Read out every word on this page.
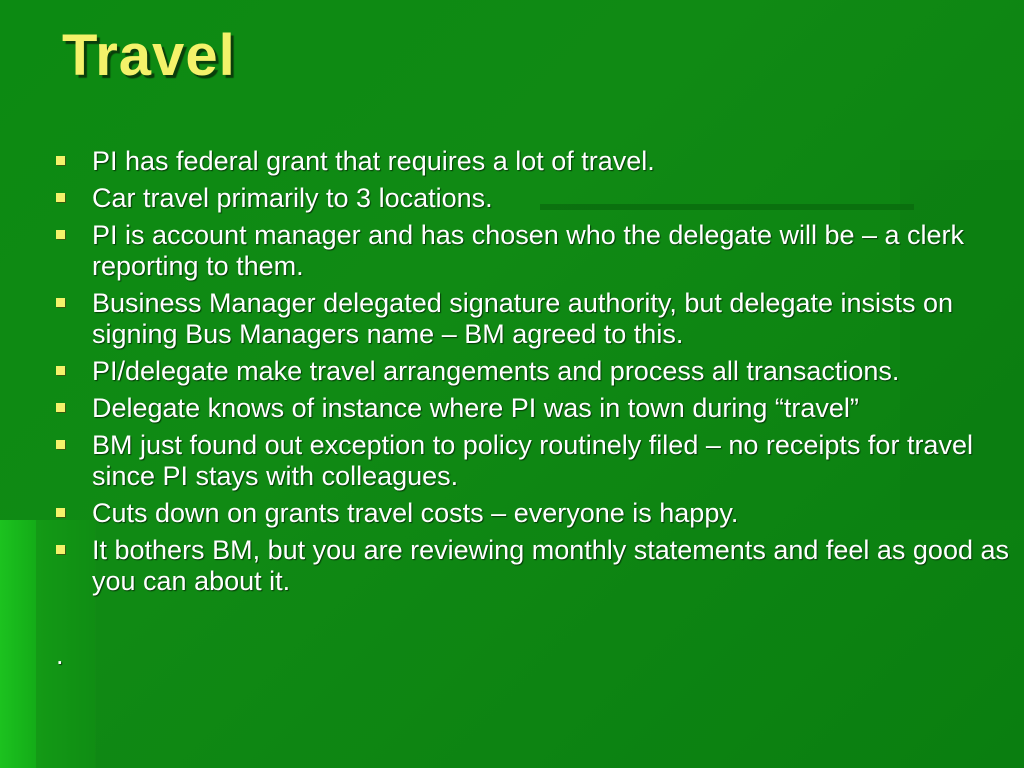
Travel
PI has federal grant that requires a lot of travel.
Car travel primarily to 3 locations.
PI is account manager and has chosen who the delegate will be – a clerk reporting to them.
Business Manager delegated signature authority, but delegate insists on signing Bus Managers name – BM agreed to this.
PI/delegate make travel arrangements and process all transactions.
Delegate knows of instance where PI was in town during “travel”
BM just found out exception to policy routinely filed – no receipts for travel since PI stays with colleagues.
Cuts down on grants travel costs – everyone is happy.
It bothers BM, but you are reviewing monthly statements and feel as good as you can about it.
.
